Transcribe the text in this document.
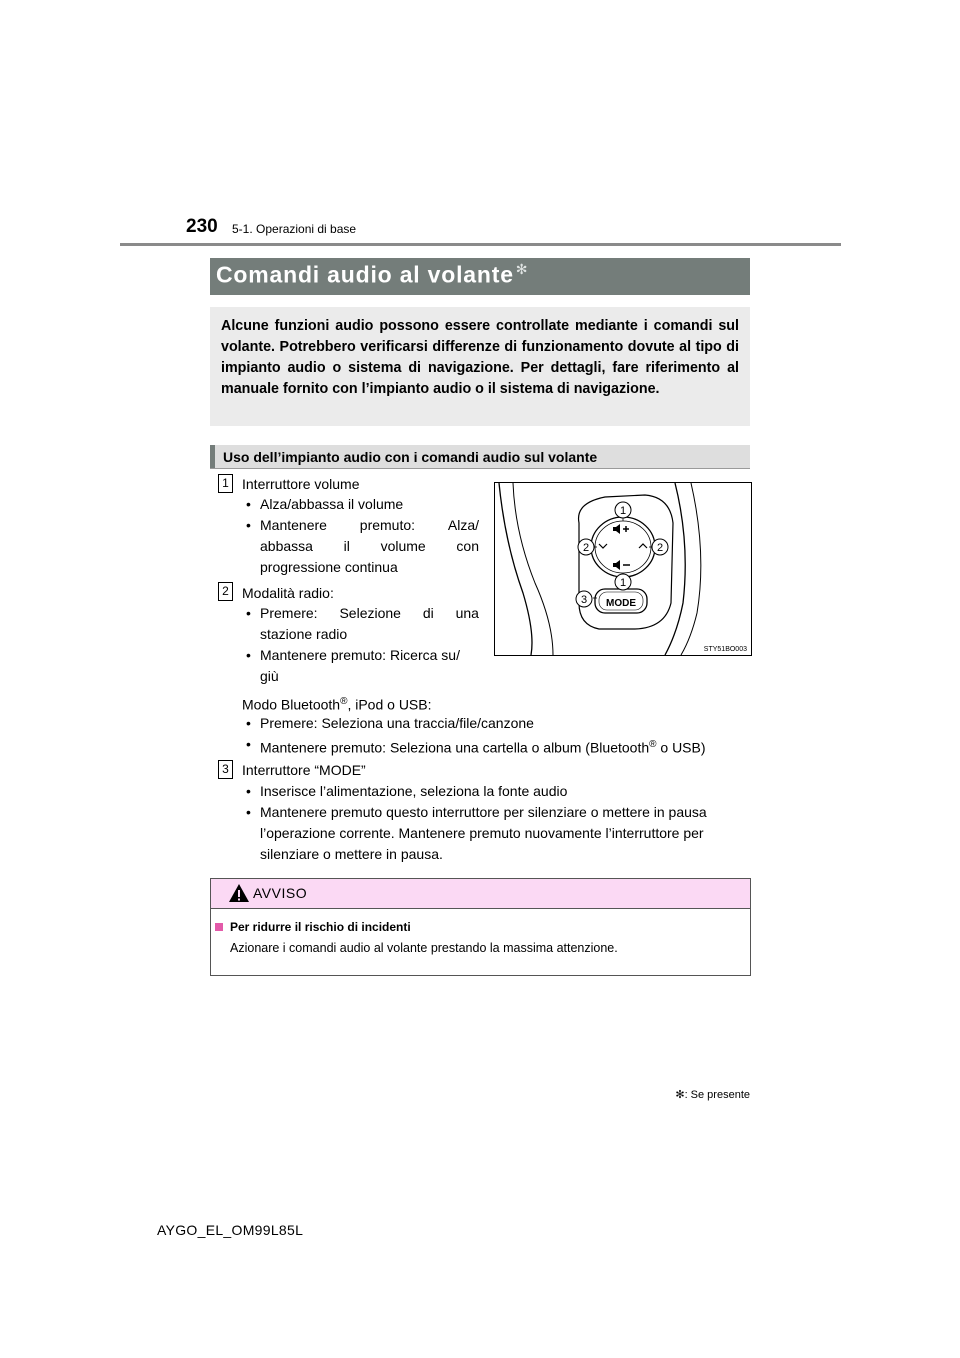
230 5-1. Operazioni di base
Comandi audio al volante ✻
Alcune funzioni audio possono essere controllate mediante i comandi sul volante. Potrebbero verificarsi differenze di funzionamento dovute al tipo di impianto audio o sistema di navigazione. Per dettagli, fare riferimento al manuale fornito con l’impianto audio o il sistema di navigazione.
Uso dell’impianto audio con i comandi audio sul volante
1 Interruttore volume
• Alza/abbassa il volume
• Mantenere premuto: Alza/
abbassa il volume con
progressione continua
2 Modalità radio:
• Premere: Selezione di una
stazione radio
• Mantenere premuto: Ricerca su/
giù
Modo Bluetooth®, iPod o USB:
• Premere: Seleziona una traccia/file/canzone
• Mantenere premuto: Seleziona una cartella o album (Bluetooth® o USB)
3 Interruttore “MODE”
• Inserisce l’alimentazione, seleziona la fonte audio
• Mantenere premuto questo interruttore per silenziare o mettere in pausa
l’operazione corrente. Mantenere premuto nuovamente l’interruttore per
silenziare o mettere in pausa.
MODE
1
2	2
1
3
STY51BO003
AVVISO
Per ridurre il rischio di incidenti
Azionare i comandi audio al volante prestando la massima attenzione.
✻: Se presente
AYGO_EL_OM99L85L
